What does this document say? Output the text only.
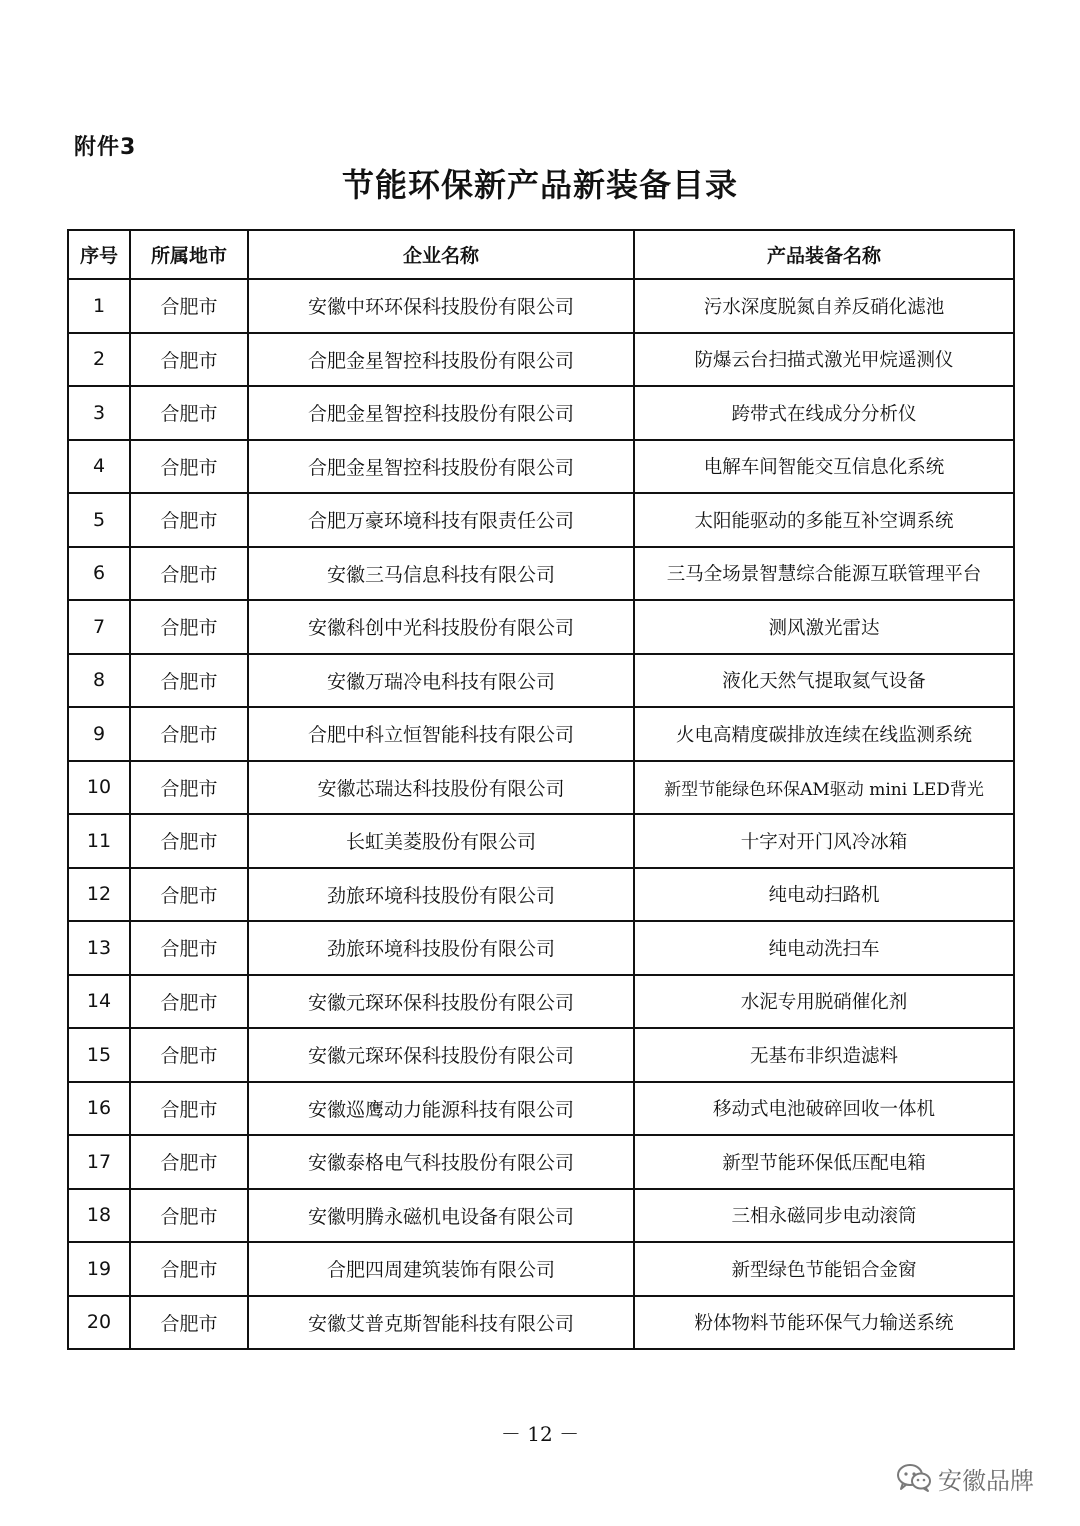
附件3
节能环保新产品新装备目录
序号	所属地市	企业名称	产品装备名称
1	合肥市	安徽中环环保科技股份有限公司	污水深度脱氮自养反硝化滤池
2	合肥市	合肥金星智控科技股份有限公司	防爆云台扫描式激光甲烷遥测仪
3	合肥市	合肥金星智控科技股份有限公司	跨带式在线成分分析仪
4	合肥市	合肥金星智控科技股份有限公司	电解车间智能交互信息化系统
5	合肥市	合肥万豪环境科技有限责任公司	太阳能驱动的多能互补空调系统
6	合肥市	安徽三马信息科技有限公司	三马全场景智慧综合能源互联管理平台
7	合肥市	安徽科创中光科技股份有限公司	测风激光雷达
8	合肥市	安徽万瑞冷电科技有限公司	液化天然气提取氦气设备
9	合肥市	合肥中科立恒智能科技有限公司	火电高精度碳排放连续在线监测系统
10	合肥市	安徽芯瑞达科技股份有限公司	新型节能绿色环保AM驱动 mini LED背光
11	合肥市	长虹美菱股份有限公司	十字对开门风冷冰箱
12	合肥市	劲旅环境科技股份有限公司	纯电动扫路机
13	合肥市	劲旅环境科技股份有限公司	纯电动洗扫车
14	合肥市	安徽元琛环保科技股份有限公司	水泥专用脱硝催化剂
15	合肥市	安徽元琛环保科技股份有限公司	无基布非织造滤料
16	合肥市	安徽巡鹰动力能源科技有限公司	移动式电池破碎回收一体机
17	合肥市	安徽泰格电气科技股份有限公司	新型节能环保低压配电箱
18	合肥市	安徽明腾永磁机电设备有限公司	三相永磁同步电动滚筒
19	合肥市	合肥四周建筑装饰有限公司	新型绿色节能铝合金窗
20	合肥市	安徽艾普克斯智能科技有限公司	粉体物料节能环保气力输送系统
－ 12 －
安徽品牌
